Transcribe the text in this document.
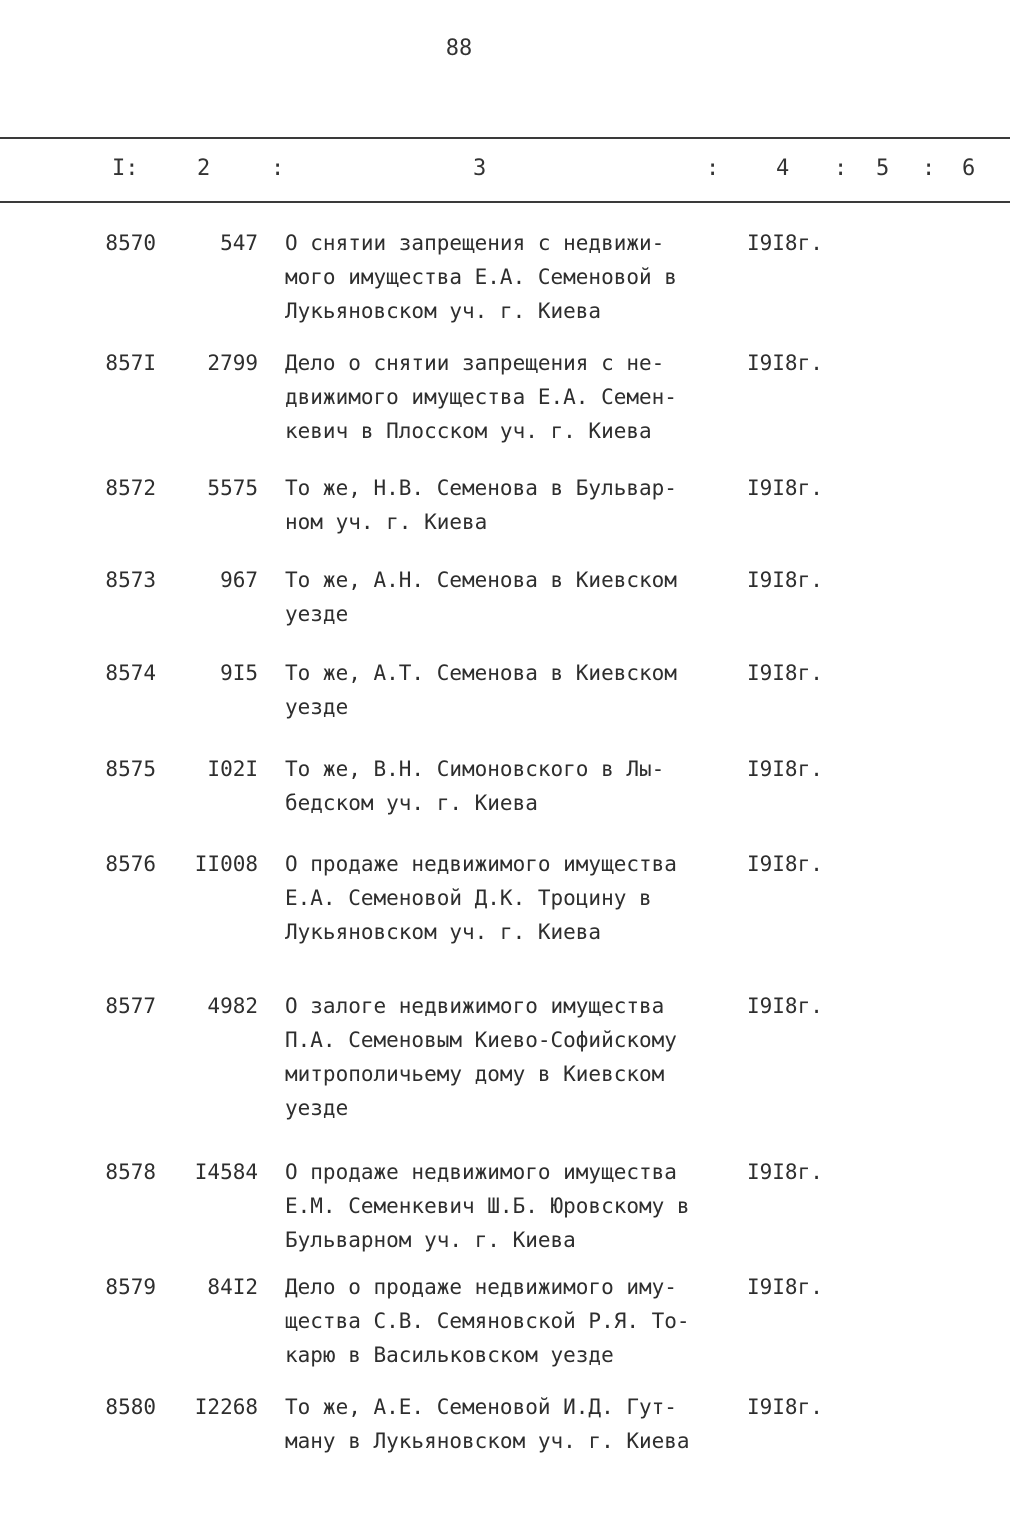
88
I:	2	:	3	:	4 : 5 : 6
8570	547 О снятии запрещения с недвижи-
мого имущества Е.А. Семеновой в
Лукьяновском уч. г. Киева
I9I8г.
857I	2799 Дело о снятии запрещения с не-
движимого имущества Е.А. Семен-
кевич в Плосском уч. г. Киева
I9I8г.
8572	5575 То же, Н.В. Семенова в Бульвар-
ном уч. г. Киева
I9I8г.
8573	967 То же, А.Н. Семенова в Киевском
уезде
I9I8г.
8574	9I5 То же, А.Т. Семенова в Киевском
уезде
I9I8г.
8575	I02I То же, В.Н. Симоновского в Лы-
бедском уч. г. Киева
I9I8г.
8576	II008 О продаже недвижимого имущества
Е.А. Семеновой Д.К. Троцину в
Лукьяновском уч. г. Киева
I9I8г.
8577	4982 О залоге недвижимого имущества
П.А. Семеновым Киево-Софийскому
митрополичьему дому в Киевском
уезде
I9I8г.
8578	I4584 О продаже недвижимого имущества
Е.М. Семенкевич Ш.Б. Юровскому в
Бульварном уч. г. Киева
I9I8г.
8579	84I2 Дело о продаже недвижимого иму-
щества С.В. Семяновской Р.Я. То-
карю в Васильковском уезде
I9I8г.
8580	I2268 То же, А.Е. Семеновой И.Д. Гут-
ману в Лукьяновском уч. г. Киева
I9I8г.
